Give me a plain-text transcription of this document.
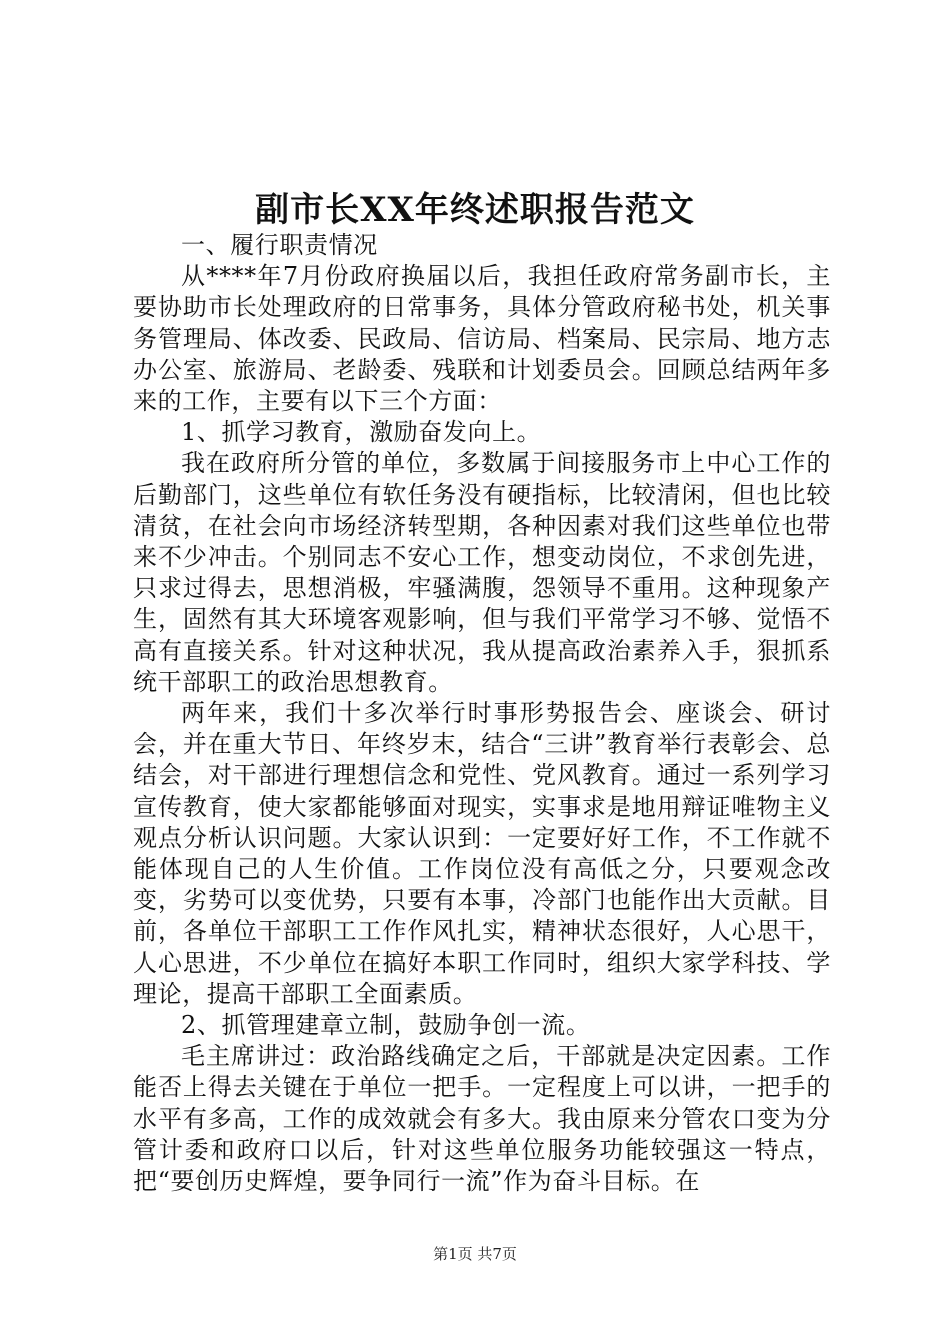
副市长XX年终述职报告范文

一、履行职责情况

从****年7月份政府换届以后，我担任政府常务副市长，主要协助市长处理政府的日常事务，具体分管政府秘书处，机关事务管理局、体改委、民政局、信访局、档案局、民宗局、地方志办公室、旅游局、老龄委、残联和计划委员会。回顾总结两年多来的工作，主要有以下三个方面：

1、抓学习教育，激励奋发向上。

我在政府所分管的单位，多数属于间接服务市上中心工作的后勤部门，这些单位有软任务没有硬指标，比较清闲，但也比较清贫，在社会向市场经济转型期，各种因素对我们这些单位也带来不少冲击。个别同志不安心工作，想变动岗位，不求创先进，只求过得去，思想消极，牢骚满腹，怨领导不重用。这种现象产生，固然有其大环境客观影响，但与我们平常学习不够、觉悟不高有直接关系。针对这种状况，我从提高政治素养入手，狠抓系统干部职工的政治思想教育。

两年来，我们十多次举行时事形势报告会、座谈会、研讨会，并在重大节日、年终岁末，结合“三讲”教育举行表彰会、总结会，对干部进行理想信念和党性、党风教育。通过一系列学习宣传教育，使大家都能够面对现实，实事求是地用辩证唯物主义观点分析认识问题。大家认识到：一定要好好工作，不工作就不能体现自己的人生价值。工作岗位没有高低之分，只要观念改变，劣势可以变优势，只要有本事，冷部门也能作出大贡献。目前，各单位干部职工工作作风扎实，精神状态很好，人心思干，人心思进，不少单位在搞好本职工作同时，组织大家学科技、学理论，提高干部职工全面素质。

2、抓管理建章立制，鼓励争创一流。

毛主席讲过：政治路线确定之后，干部就是决定因素。工作能否上得去关键在于单位一把手。一定程度上可以讲，一把手的水平有多高，工作的成效就会有多大。我由原来分管农口变为分管计委和政府口以后，针对这些单位服务功能较强这一特点，把“要创历史辉煌，要争同行一流”作为奋斗目标。在

第1页 共7页
